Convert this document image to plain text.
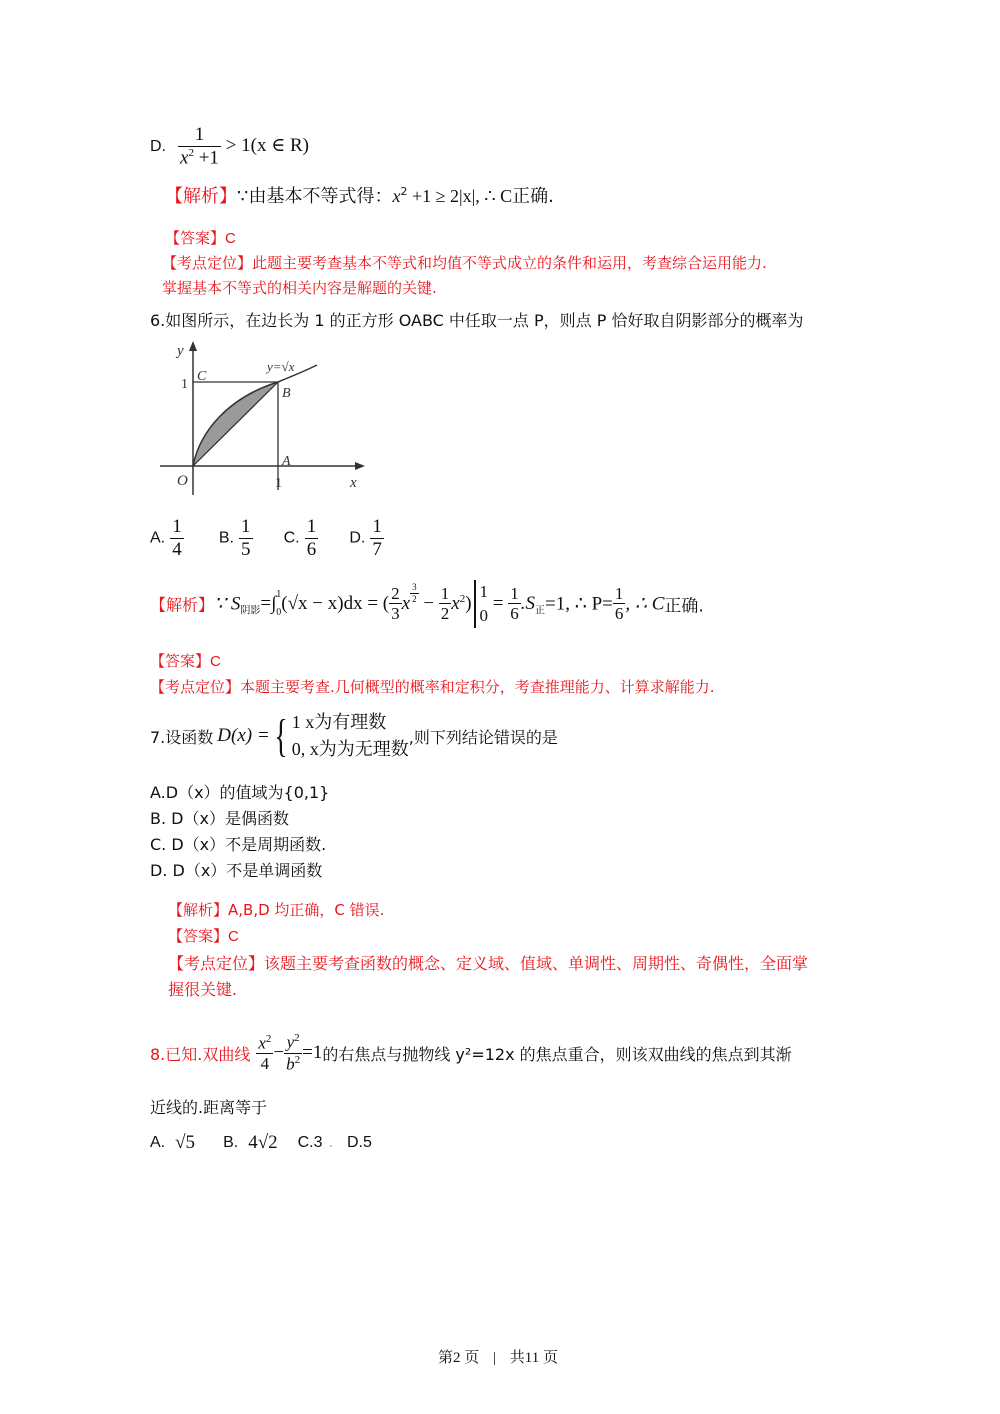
D. $\frac{1}{x^2 +1} > 1(x$ ∈ R)
【解析】∵由基本不等式得：$x^2 +1 \ge 2|x|$, ∴ C正确.
【答案】C
【考点定位】此题主要考查基本不等式和均值不等式成立的条件和运用，考查综合运用能力.
掌握基本不等式的相关内容是解题的关键.
6.如图所示，在边长为 1 的正方形 OABC 中任取一点 P，则点 P 恰好取自阴影部分的概率为
y
x
O
C
B
A
1
1
y=√x
A. $\frac{1}{4} B$. $\frac{1}{5} C$. $\frac{1}{6} D$. $\frac{1}{7}$
【解析】∵ $S_{阴影}=\int$ 1
0 (√x − x)dx = ( $\frac{2}{3}$ x $\frac{3}{2} - \frac{1}{2} x^2$)
1
0
= $\frac{1}{6} .S_正=1$, ∴ $P= \frac{1}{6}$ , ∴ C正确.
【答案】C
【考点定位】本题主要考查.几何概型的概率和定积分，考查推理能力、计算求解能力.
7.设函数 D(x) = { 1 x为有理数
0, x为为无理数
,则下列结论错误的是
A.D（x）的值域为{0,1}
B. D（x）是偶函数
C. D（x）不是周期函数.
D. D（x）不是单调函数
【解析】A,B,D 均正确，C 错误.
【答案】C
【考点定位】该题主要考查函数的概念、定义域、值域、单调性、周期性、奇偶性，全面掌
握很关键.
8.已知.双曲线 $\frac{x^2}{4} - \frac{y^2}{b^2} =1$ 的右焦点与抛物线 y²=12x 的焦点重合，则该双曲线的焦点到其渐
近线的.距离等于
A. √5 B. 4√2 C.3 . D.5
第2 页 | 共11 页
